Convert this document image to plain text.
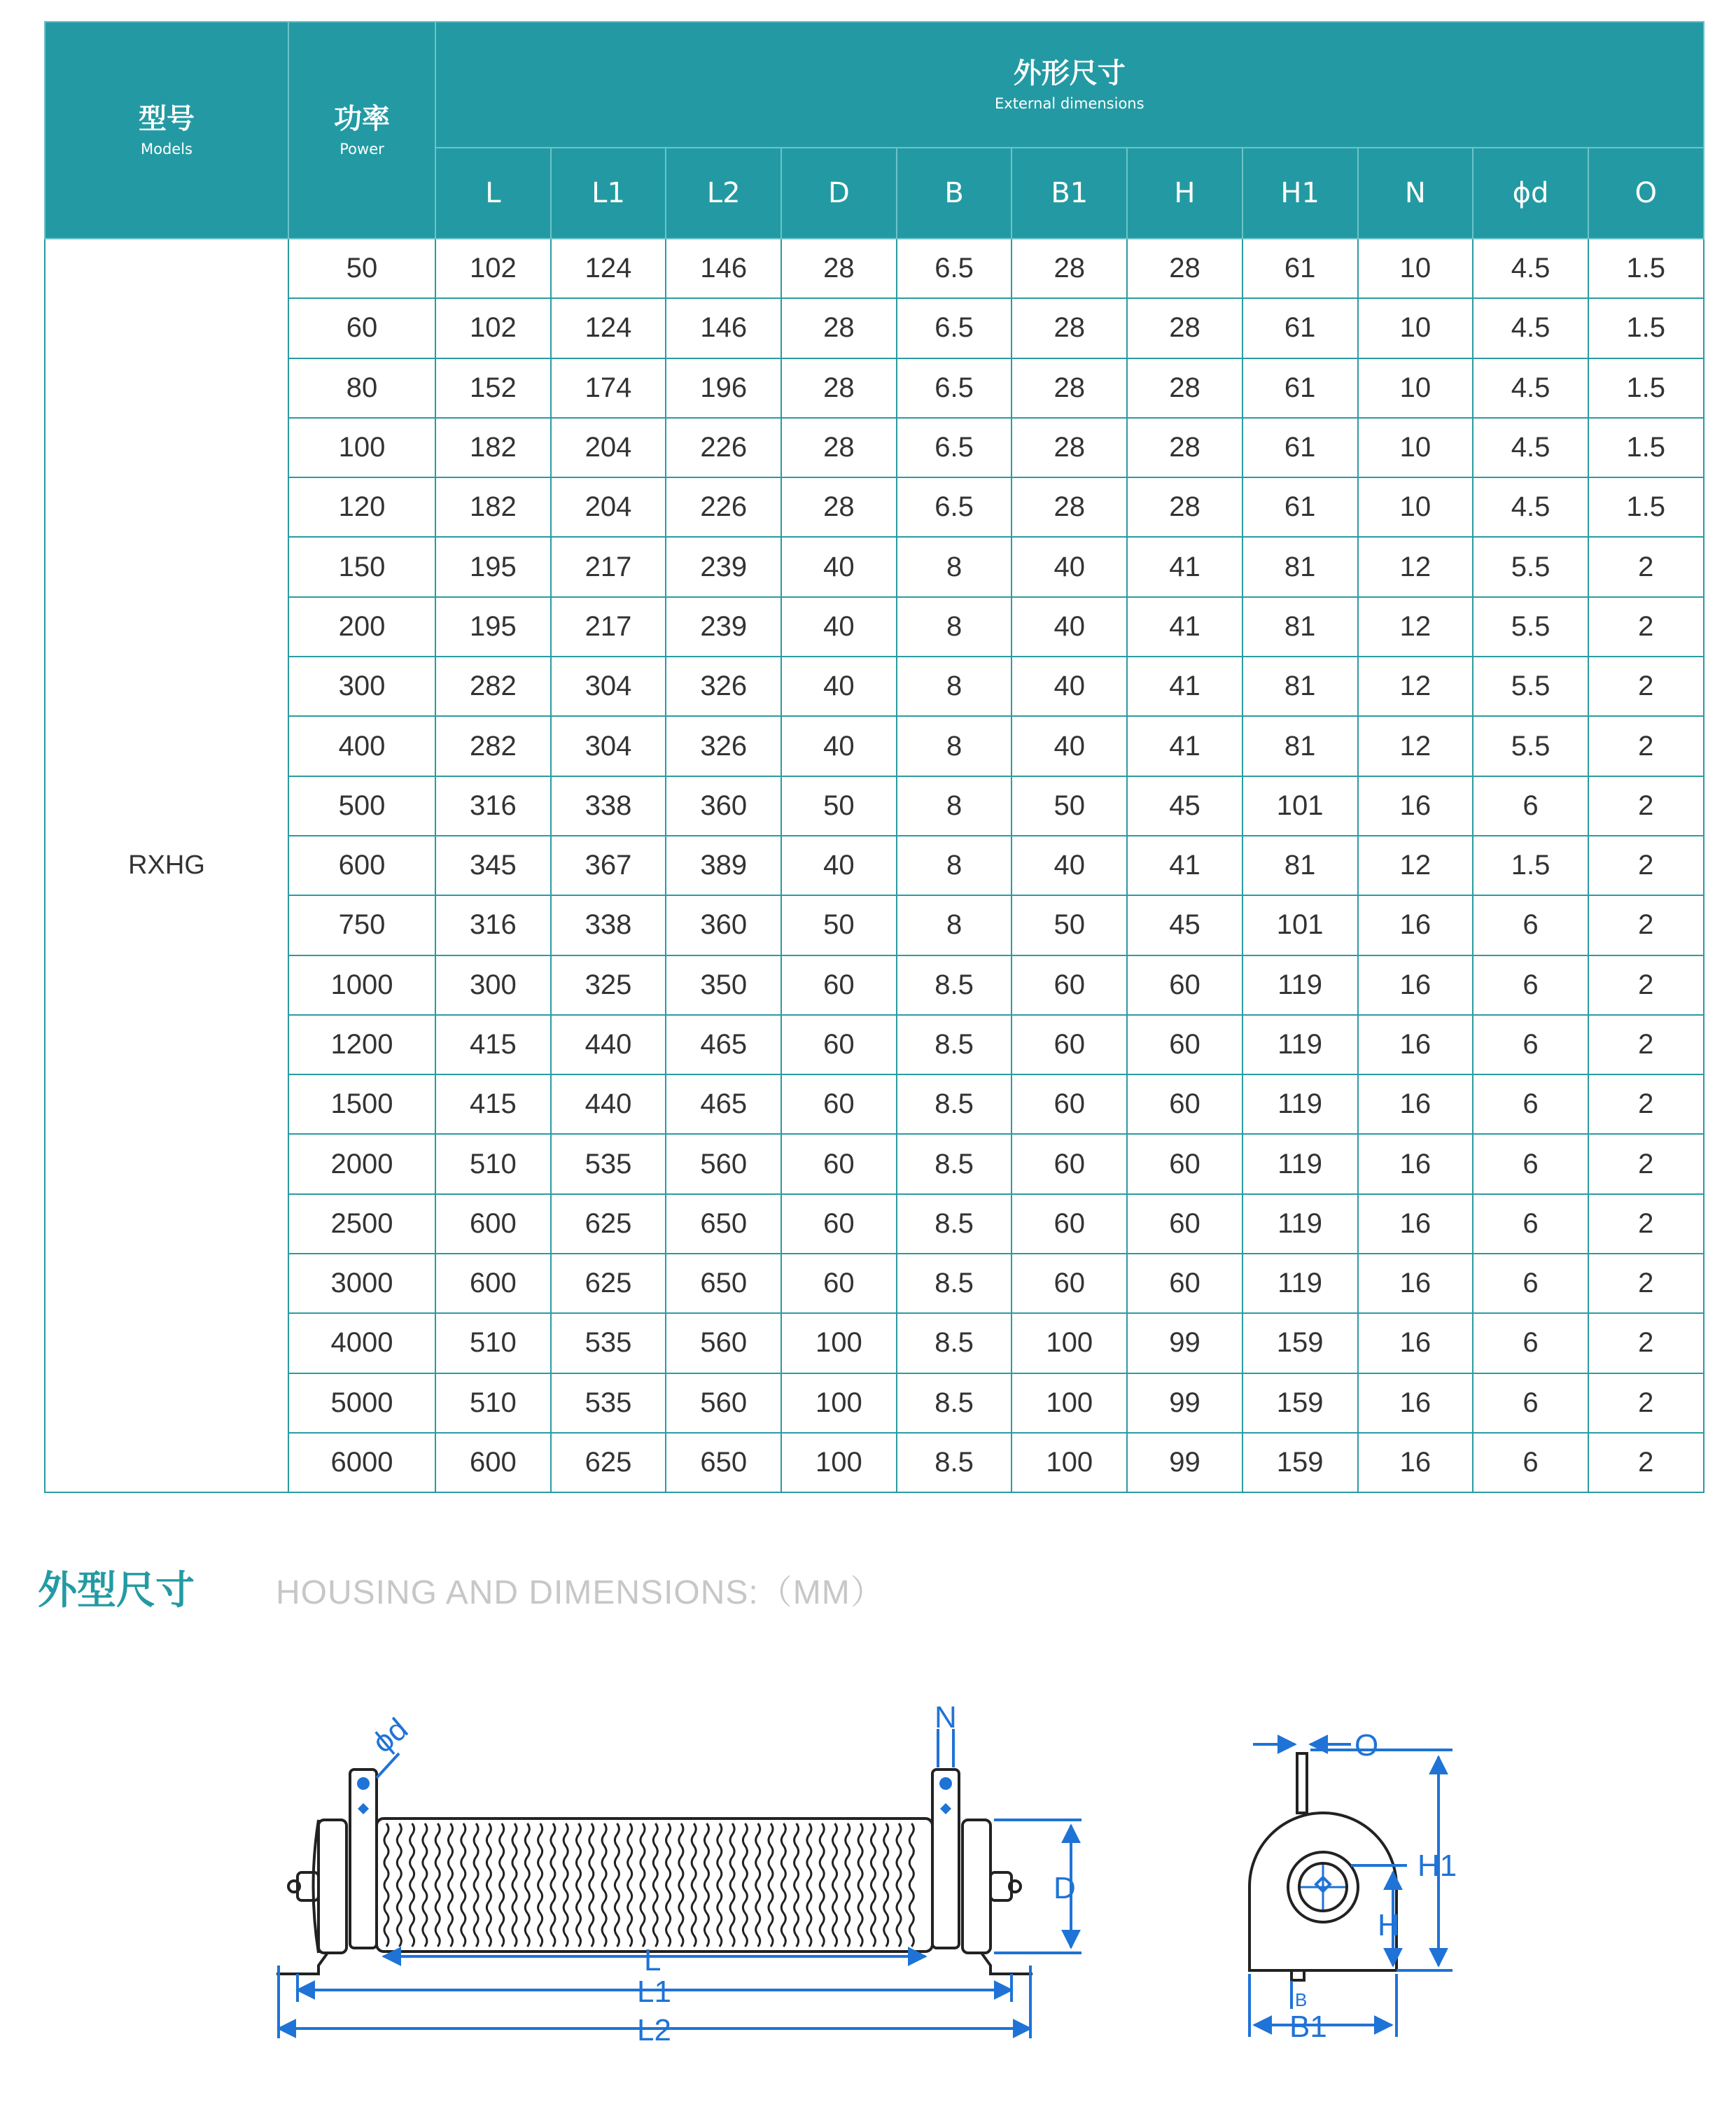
型号
Models	功率
Power	外形尺寸
External dimensions										

		L	L1	L2	D	B	B1	H	H1	N	ϕd	O
RXHG	50	102	124	146	28	6.5	28	28	61	10	4.5	1.5
	60	102	124	146	28	6.5	28	28	61	10	4.5	1.5
	80	152	174	196	28	6.5	28	28	61	10	4.5	1.5
	100	182	204	226	28	6.5	28	28	61	10	4.5	1.5
	120	182	204	226	28	6.5	28	28	61	10	4.5	1.5
	150	195	217	239	40	8	40	41	81	12	5.5	2
	200	195	217	239	40	8	40	41	81	12	5.5	2
	300	282	304	326	40	8	40	41	81	12	5.5	2
	400	282	304	326	40	8	40	41	81	12	5.5	2
	500	316	338	360	50	8	50	45	101	16	6	2
	600	345	367	389	40	8	40	41	81	12	1.5	2
	750	316	338	360	50	8	50	45	101	16	6	2
	1000	300	325	350	60	8.5	60	60	119	16	6	2
	1200	415	440	465	60	8.5	60	60	119	16	6	2
	1500	415	440	465	60	8.5	60	60	119	16	6	2
	2000	510	535	560	60	8.5	60	60	119	16	6	2
	2500	600	625	650	60	8.5	60	60	119	16	6	2
	3000	600	625	650	60	8.5	60	60	119	16	6	2
	4000	510	535	560	100	8.5	100	99	159	16	6	2
	5000	510	535	560	100	8.5	100	99	159	16	6	2
	6000	600	625	650	100	8.5	100	99	159	16	6	2
外型尺寸 HOUSING AND DIMENSIONS:（MM）
ϕd	N
D
L
L1
L2
O
H1
H
B
B1
